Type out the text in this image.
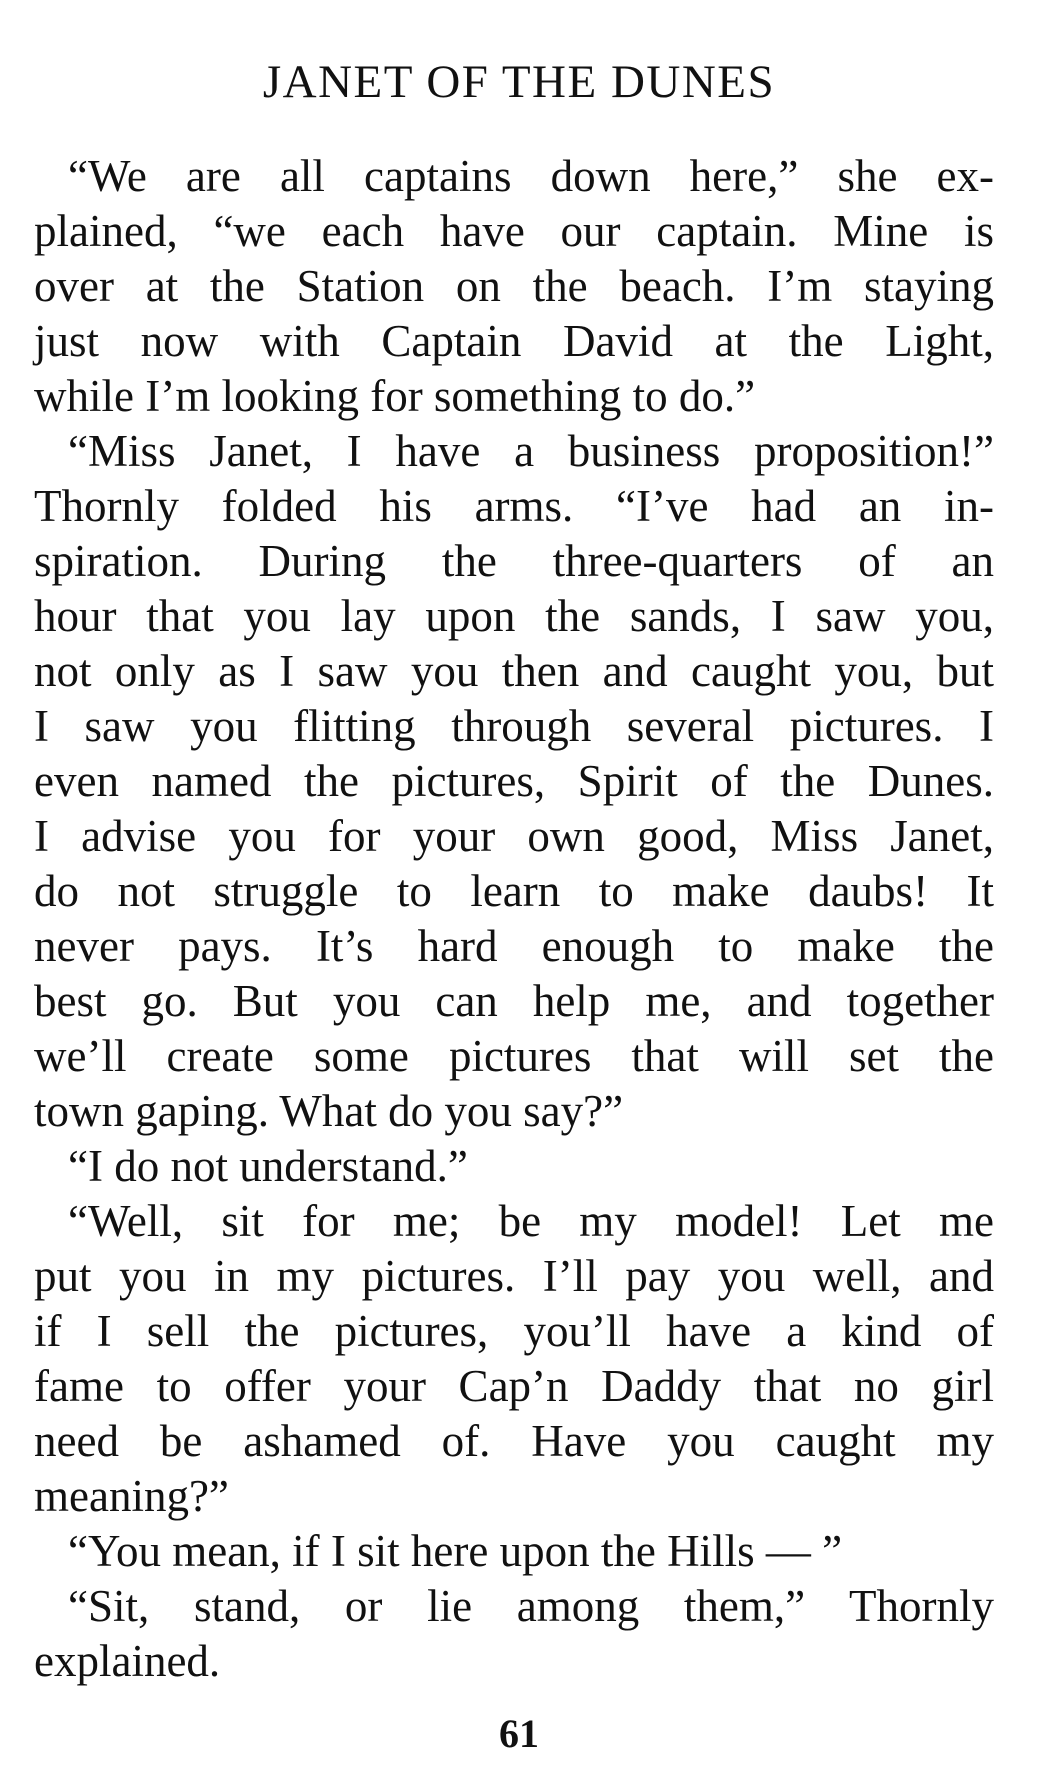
JANET OF THE DUNES
“We are all captains down here,” she ex-
plained, “we each have our captain. Mine is
over at the Station on the beach. I’m staying
just now with Captain David at the Light,
while I’m looking for something to do.”
“Miss Janet, I have a business proposition!”
Thornly folded his arms. “I’ve had an in-
spiration. During the three-quarters of an
hour that you lay upon the sands, I saw you,
not only as I saw you then and caught you, but
I saw you flitting through several pictures. I
even named the pictures, Spirit of the Dunes.
I advise you for your own good, Miss Janet,
do not struggle to learn to make daubs! It
never pays. It’s hard enough to make the
best go. But you can help me, and together
we’ll create some pictures that will set the
town gaping. What do you say?”
“I do not understand.”
“Well, sit for me; be my model! Let me
put you in my pictures. I’ll pay you well, and
if I sell the pictures, you’ll have a kind of
fame to offer your Cap’n Daddy that no girl
need be ashamed of. Have you caught my
meaning?”
“You mean, if I sit here upon the Hills — ”
“Sit, stand, or lie among them,” Thornly
explained.
61
